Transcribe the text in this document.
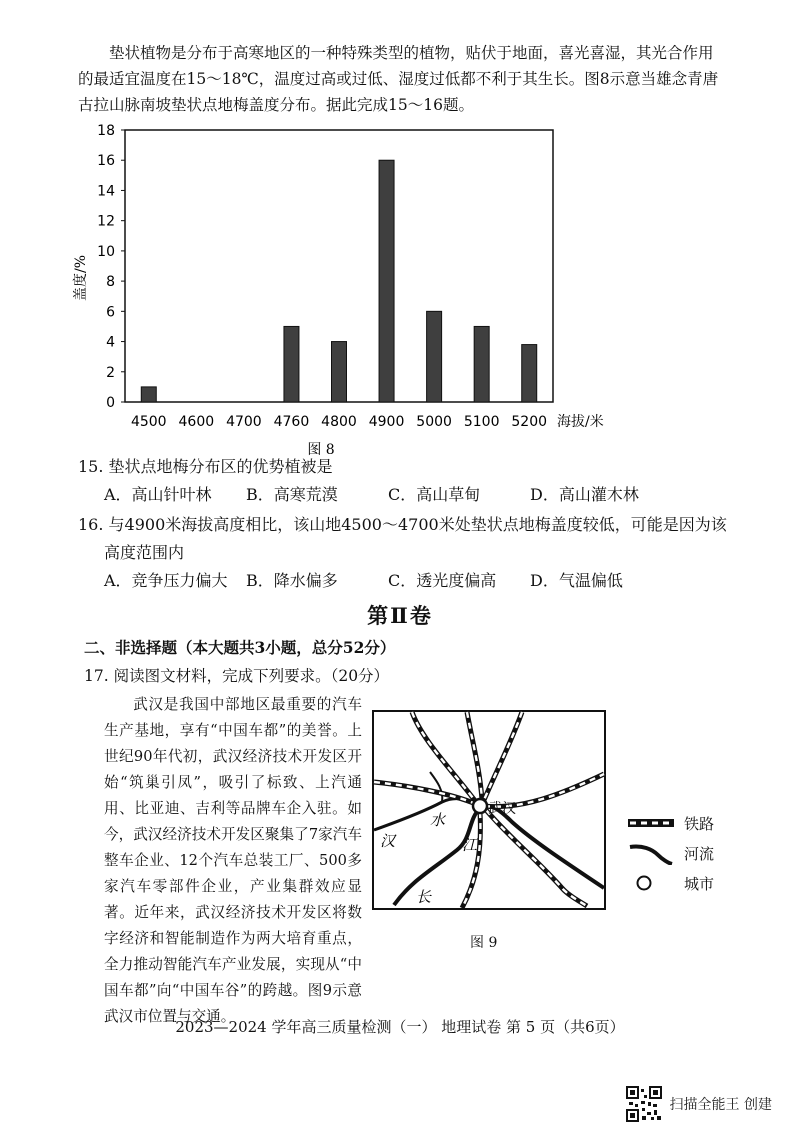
垫状植物是分布于高寒地区的一种特殊类型的植物，贴伏于地面，喜光喜湿，其光合作用的最适宜温度在15～18℃，温度过高或过低、湿度过低都不利于其生长。图8示意当雄念青唐古拉山脉南坡垫状点地梅盖度分布。据此完成15～16题。
0
2
4
6
8
10
12
14
16
18
4500 4600 4700 4760 4800 4900 5000 5100 5200 海拔/米
盖度/%
图 8
15. 垫状点地梅分布区的优势植被是
A．高山针叶林	B．高寒荒漠	C．高山草甸	D．高山灌木林
16. 与4900米海拔高度相比，该山地4500～4700米处垫状点地梅盖度较低，可能是因为该
高度范围内
A．竞争压力偏大	B．降水偏多	C．透光度偏高	D．气温偏低
第Ⅱ卷
二、非选择题（本大题共3小题，总分52分）
17. 阅读图文材料，完成下列要求。（20分）
武汉是我国中部地区最重要的汽车生产基地，享有“中国车都”的美誉。上世纪90年代初，武汉经济技术开发区开始“筑巢引凤”，吸引了标致、上汽通用、比亚迪、吉利等品牌车企入驻。如今，武汉经济技术开发区聚集了7家汽车整车企业、12个汽车总装工厂、500多家汽车零部件企业，产业集群效应显著。近年来，武汉经济技术开发区将数字经济和智能制造作为两大培育重点，全力推动智能汽车产业发展，实现从“中国车都”向“中国车谷”的跨越。图9示意武汉市位置与交通。
武汉
汉
水
江
长
图 9
铁路
河流
城市
2023—2024 学年高三质量检测（一） 地理试卷 第 5 页（共6页）
扫描全能王 创建
